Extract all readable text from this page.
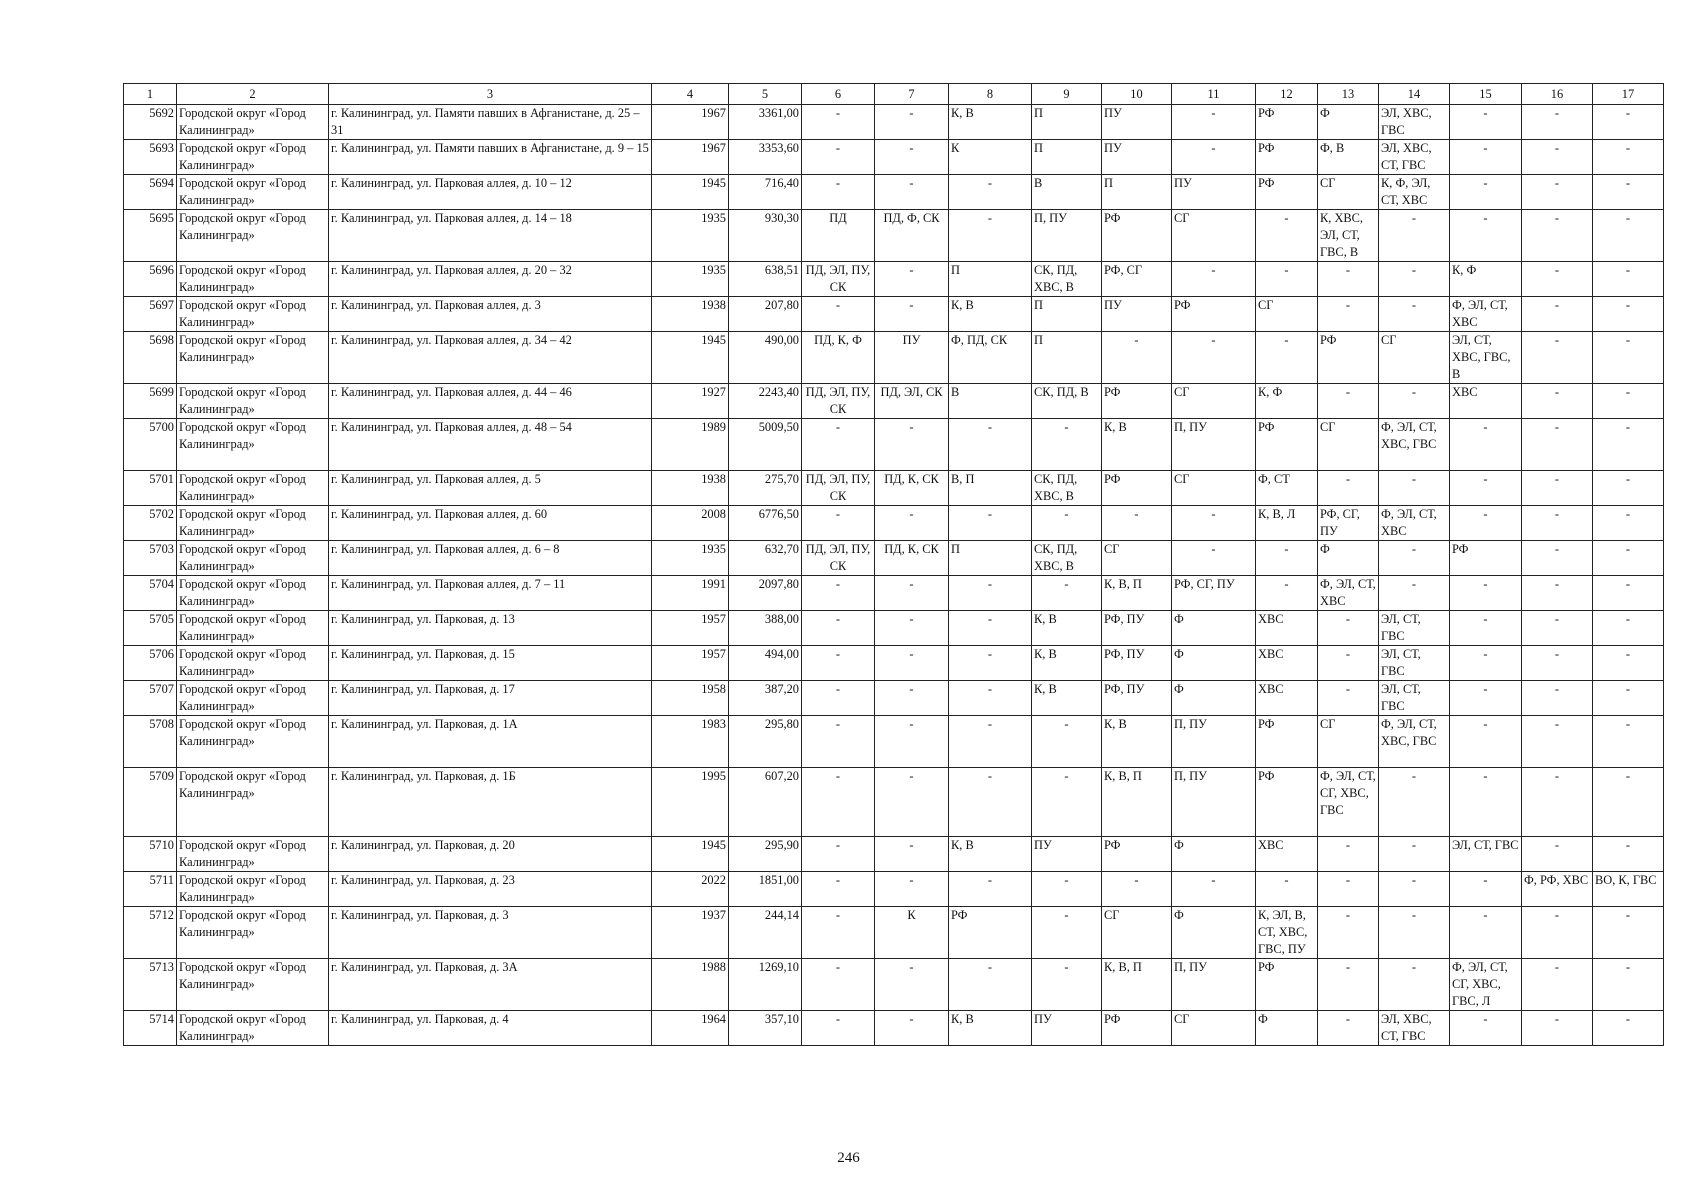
1	2	3	4	5	6	7	8	9	10	11	12	13	14	15	16	17
5692	Городской округ «Город Калининград»	г. Калининград, ул. Памяти павших в Афганистане, д. 25 – 31	1967	3361,00	-	-	К, В	П	ПУ	-	РФ	Ф	ЭЛ, ХВС, ГВС	-	-	-
5693	Городской округ «Город Калининград»	г. Калининград, ул. Памяти павших в Афганистане, д. 9 – 15	1967	3353,60	-	-	К	П	ПУ	-	РФ	Ф, В	ЭЛ, ХВС, СТ, ГВС	-	-	-
5694	Городской округ «Город Калининград»	г. Калининград, ул. Парковая аллея, д. 10 – 12	1945	716,40	-	-	-	В	П	ПУ	РФ	СГ	К, Ф, ЭЛ, СТ, ХВС	-	-	-
5695	Городской округ «Город Калининград»	г. Калининград, ул. Парковая аллея, д. 14 – 18	1935	930,30	ПД	ПД, Ф, СК	-	П, ПУ	РФ	СГ	-	К, ХВС, ЭЛ, СТ, ГВС, В	-	-	-	-
5696	Городской округ «Город Калининград»	г. Калининград, ул. Парковая аллея, д. 20 – 32	1935	638,51	ПД, ЭЛ, ПУ, СК	-	П	СК, ПД, ХВС, В	РФ, СГ	-	-	-	-	К, Ф	-	-
5697	Городской округ «Город Калининград»	г. Калининград, ул. Парковая аллея, д. 3	1938	207,80	-	-	К, В	П	ПУ	РФ	СГ	-	-	Ф, ЭЛ, СТ, ХВС	-	-
5698	Городской округ «Город Калининград»	г. Калининград, ул. Парковая аллея, д. 34 – 42	1945	490,00	ПД, К, Ф	ПУ	Ф, ПД, СК	П	-	-	-	РФ	СГ	ЭЛ, СТ, ХВС, ГВС, В	-	-
5699	Городской округ «Город Калининград»	г. Калининград, ул. Парковая аллея, д. 44 – 46	1927	2243,40	ПД, ЭЛ, ПУ, СК	ПД, ЭЛ, СК	В	СК, ПД, В	РФ	СГ	К, Ф	-	-	ХВС	-	-
5700	Городской округ «Город Калининград»	г. Калининград, ул. Парковая аллея, д. 48 – 54	1989	5009,50	-	-	-	-	К, В	П, ПУ	РФ	СГ	Ф, ЭЛ, СТ, ХВС, ГВС	-	-	-
5701	Городской округ «Город Калининград»	г. Калининград, ул. Парковая аллея, д. 5	1938	275,70	ПД, ЭЛ, ПУ, СК	ПД, К, СК	В, П	СК, ПД, ХВС, В	РФ	СГ	Ф, СТ	-	-	-	-	-
5702	Городской округ «Город Калининград»	г. Калининград, ул. Парковая аллея, д. 60	2008	6776,50	-	-	-	-	-	-	К, В, Л	РФ, СГ, ПУ	Ф, ЭЛ, СТ, ХВС	-	-	-
5703	Городской округ «Город Калининград»	г. Калининград, ул. Парковая аллея, д. 6 – 8	1935	632,70	ПД, ЭЛ, ПУ, СК	ПД, К, СК	П	СК, ПД, ХВС, В	СГ	-	-	Ф	-	РФ	-	-
5704	Городской округ «Город Калининград»	г. Калининград, ул. Парковая аллея, д. 7 – 11	1991	2097,80	-	-	-	-	К, В, П	РФ, СГ, ПУ	-	Ф, ЭЛ, СТ, ХВС	-	-	-	-
5705	Городской округ «Город Калининград»	г. Калининград, ул. Парковая, д. 13	1957	388,00	-	-	-	К, В	РФ, ПУ	Ф	ХВС	-	ЭЛ, СТ, ГВС	-	-	-
5706	Городской округ «Город Калининград»	г. Калининград, ул. Парковая, д. 15	1957	494,00	-	-	-	К, В	РФ, ПУ	Ф	ХВС	-	ЭЛ, СТ, ГВС	-	-	-
5707	Городской округ «Город Калининград»	г. Калининград, ул. Парковая, д. 17	1958	387,20	-	-	-	К, В	РФ, ПУ	Ф	ХВС	-	ЭЛ, СТ, ГВС	-	-	-
5708	Городской округ «Город Калининград»	г. Калининград, ул. Парковая, д. 1А	1983	295,80	-	-	-	-	К, В	П, ПУ	РФ	СГ	Ф, ЭЛ, СТ, ХВС, ГВС	-	-	-
5709	Городской округ «Город Калининград»	г. Калининград, ул. Парковая, д. 1Б	1995	607,20	-	-	-	-	К, В, П	П, ПУ	РФ	Ф, ЭЛ, СТ, СГ, ХВС, ГВС	-	-	-	-
5710	Городской округ «Город Калининград»	г. Калининград, ул. Парковая, д. 20	1945	295,90	-	-	К, В	ПУ	РФ	Ф	ХВС	-	-	ЭЛ, СТ, ГВС	-	-
5711	Городской округ «Город Калининград»	г. Калининград, ул. Парковая, д. 23	2022	1851,00	-	-	-	-	-	-	-	-	-	-	Ф, РФ, ХВС	ВО, К, ГВС
5712	Городской округ «Город Калининград»	г. Калининград, ул. Парковая, д. 3	1937	244,14	-	К	РФ	-	СГ	Ф	К, ЭЛ, В, СТ, ХВС, ГВС, ПУ	-	-	-	-	-
5713	Городской округ «Город Калининград»	г. Калининград, ул. Парковая, д. 3А	1988	1269,10	-	-	-	-	К, В, П	П, ПУ	РФ	-	-	Ф, ЭЛ, СТ, СГ, ХВС, ГВС, Л	-	-
5714	Городской округ «Город Калининград»	г. Калининград, ул. Парковая, д. 4	1964	357,10	-	-	К, В	ПУ	РФ	СГ	Ф	-	ЭЛ, ХВС, СТ, ГВС	-	-	-
246
